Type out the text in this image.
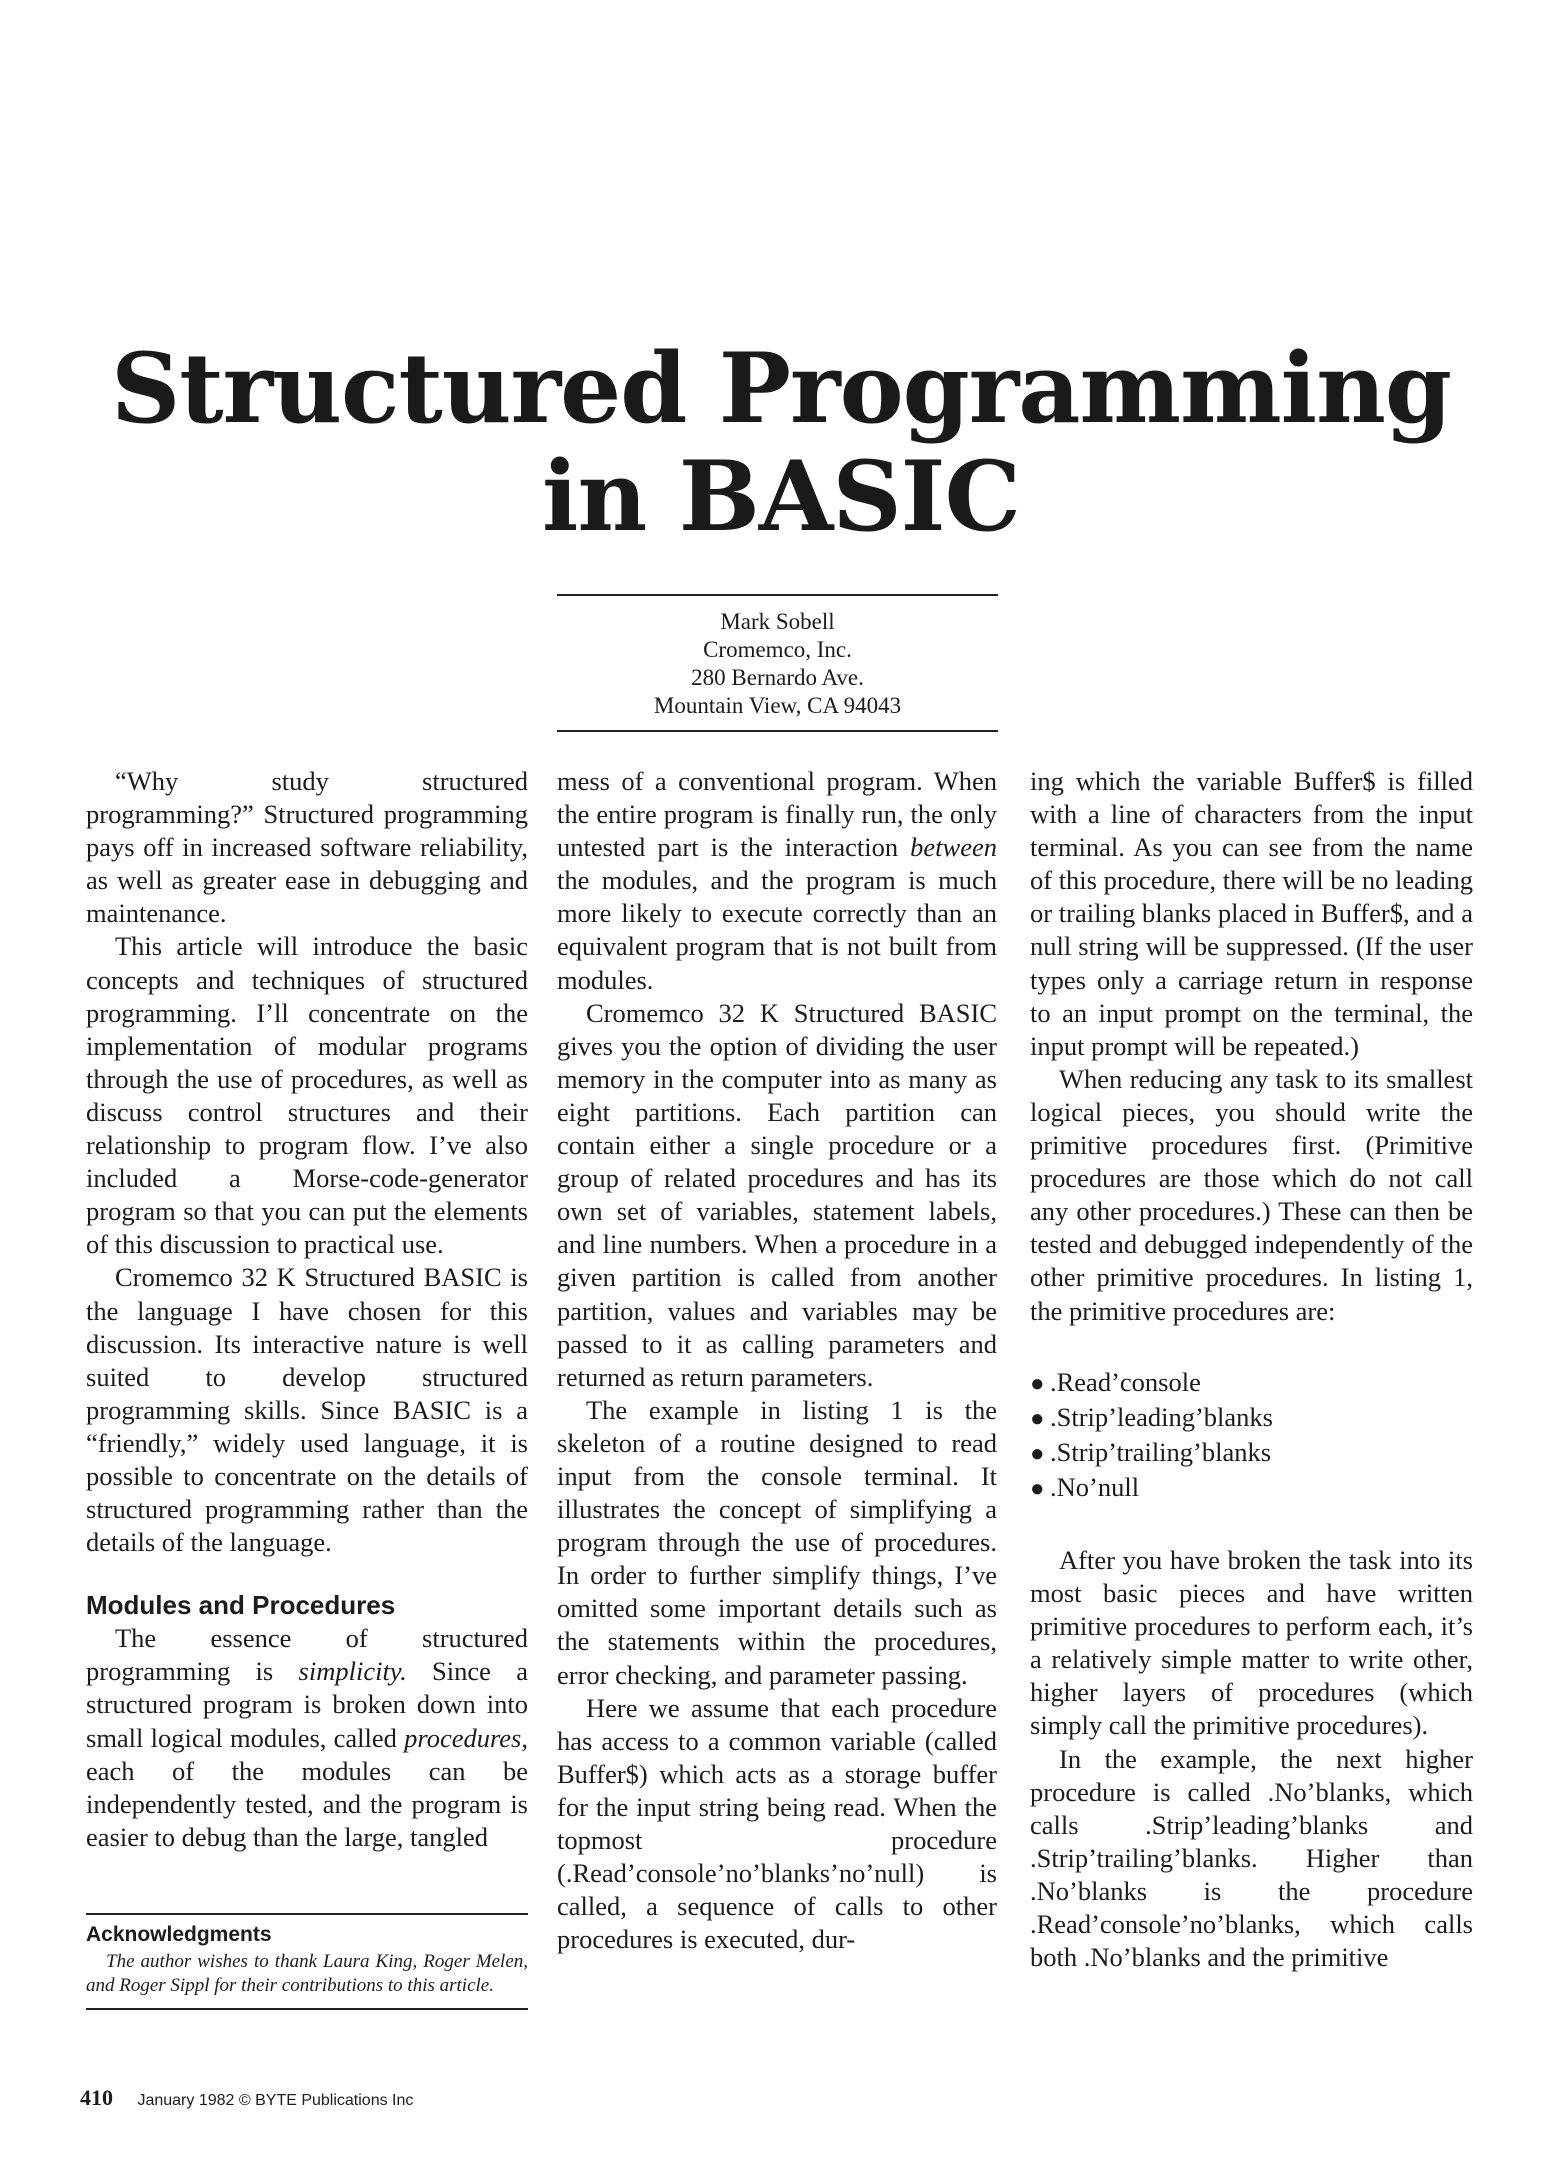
Structured Programming
in BASIC
Mark Sobell
Cromemco, Inc.
280 Bernardo Ave.
Mountain View, CA 94043

“Why study structured programming?” Structured programming pays off in increased software reliability, as well as greater ease in debugging and maintenance.

This article will introduce the basic concepts and techniques of structured programming. I’ll concentrate on the implementation of modular programs through the use of procedures, as well as discuss control structures and their relationship to program flow. I’ve also included a Morse-code-generator program so that you can put the elements of this discussion to practical use.

Cromemco 32 K Structured BASIC is the language I have chosen for this discussion. Its interactive nature is well suited to develop structured programming skills. Since BASIC is a “friendly,” widely used language, it is possible to concentrate on the details of structured programming rather than the details of the language.

Modules and Procedures

The essence of structured programming is simplicity. Since a structured program is broken down into small logical modules, called procedures, each of the modules can be independently tested, and the program is easier to debug than the large, tangled

Acknowledgments
The author wishes to thank Laura King, Roger Melen, and Roger Sippl for their contributions to this article.

mess of a conventional program. When the entire program is finally run, the only untested part is the interaction between the modules, and the program is much more likely to execute correctly than an equivalent program that is not built from modules.

Cromemco 32 K Structured BASIC gives you the option of dividing the user memory in the computer into as many as eight partitions. Each partition can contain either a single procedure or a group of related procedures and has its own set of variables, statement labels, and line numbers. When a procedure in a given partition is called from another partition, values and variables may be passed to it as calling parameters and returned as return parameters.

The example in listing 1 is the skeleton of a routine designed to read input from the console terminal. It illustrates the concept of simplifying a program through the use of procedures. In order to further simplify things, I’ve omitted some important details such as the statements within the procedures, error checking, and parameter passing.

Here we assume that each procedure has access to a common variable (called Buffer$) which acts as a storage buffer for the input string being read. When the topmost procedure (.Read’console’no’blanks’no’null) is called, a sequence of calls to other procedures is executed, dur-

ing which the variable Buffer$ is filled with a line of characters from the input terminal. As you can see from the name of this procedure, there will be no leading or trailing blanks placed in Buffer$, and a null string will be suppressed. (If the user types only a carriage return in response to an input prompt on the terminal, the input prompt will be repeated.)

When reducing any task to its smallest logical pieces, you should write the primitive procedures first. (Primitive procedures are those which do not call any other procedures.) These can then be tested and debugged independently of the other primitive procedures. In listing 1, the primitive procedures are:

● .Read’console
● .Strip’leading’blanks
● .Strip’trailing’blanks
● .No’null

After you have broken the task into its most basic pieces and have written primitive procedures to perform each, it’s a relatively simple matter to write other, higher layers of procedures (which simply call the primitive procedures).

In the example, the next higher procedure is called .No’blanks, which calls .Strip’leading’blanks and .Strip’trailing’blanks. Higher than .No’blanks is the procedure .Read’console’no’blanks, which calls both .No’blanks and the primitive

410 January 1982 © BYTE Publications Inc
